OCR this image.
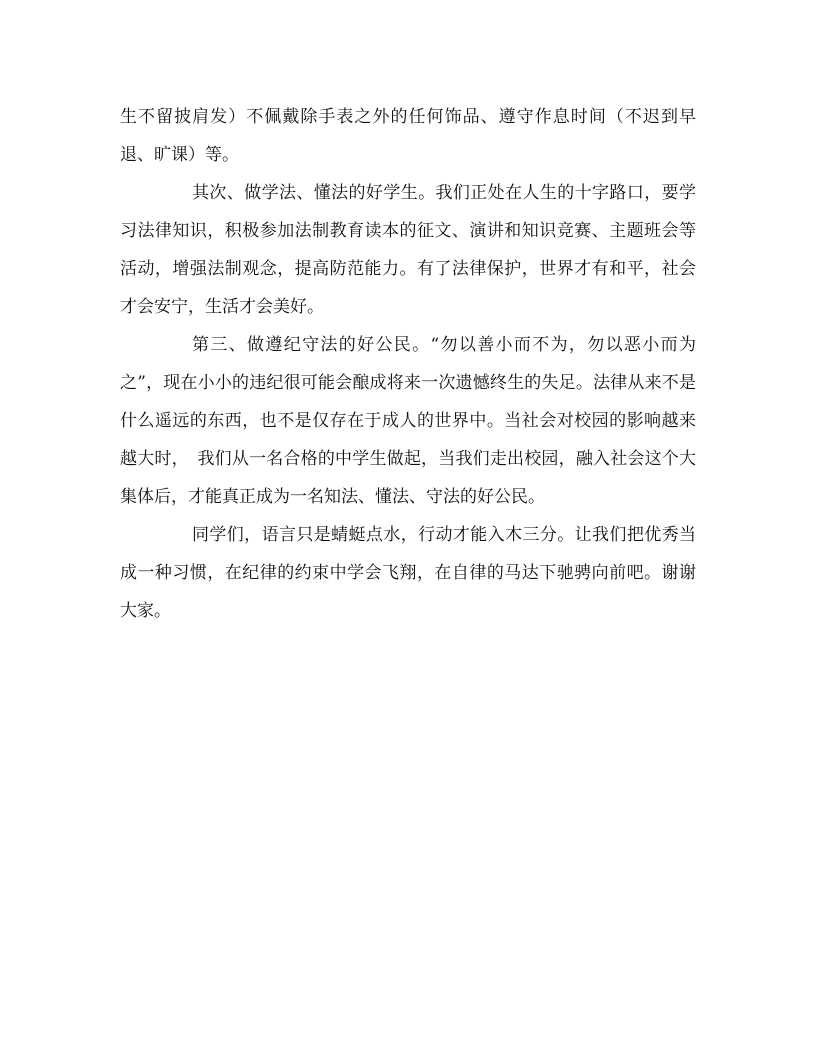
生不留披肩发）不佩戴除手表之外的任何饰品、遵守作息时间（不迟到早退、旷课）等。

其次、做学法、懂法的好学生。我们正处在人生的十字路口，要学习法律知识，积极参加法制教育读本的征文、演讲和知识竞赛、主题班会等活动，增强法制观念，提高防范能力。有了法律保护，世界才有和平，社会才会安宁，生活才会美好。

第三、做遵纪守法的好公民。“勿以善小而不为，勿以恶小而为之”，现在小小的违纪很可能会酿成将来一次遗憾终生的失足。法律从来不是什么遥远的东西，也不是仅存在于成人的世界中。当社会对校园的影响越来越大时，　我们从一名合格的中学生做起，当我们走出校园，融入社会这个大集体后，才能真正成为一名知法、懂法、守法的好公民。

同学们，语言只是蜻蜓点水，行动才能入木三分。让我们把优秀当成一种习惯，在纪律的约束中学会飞翔，在自律的马达下驰骋向前吧。谢谢大家。
